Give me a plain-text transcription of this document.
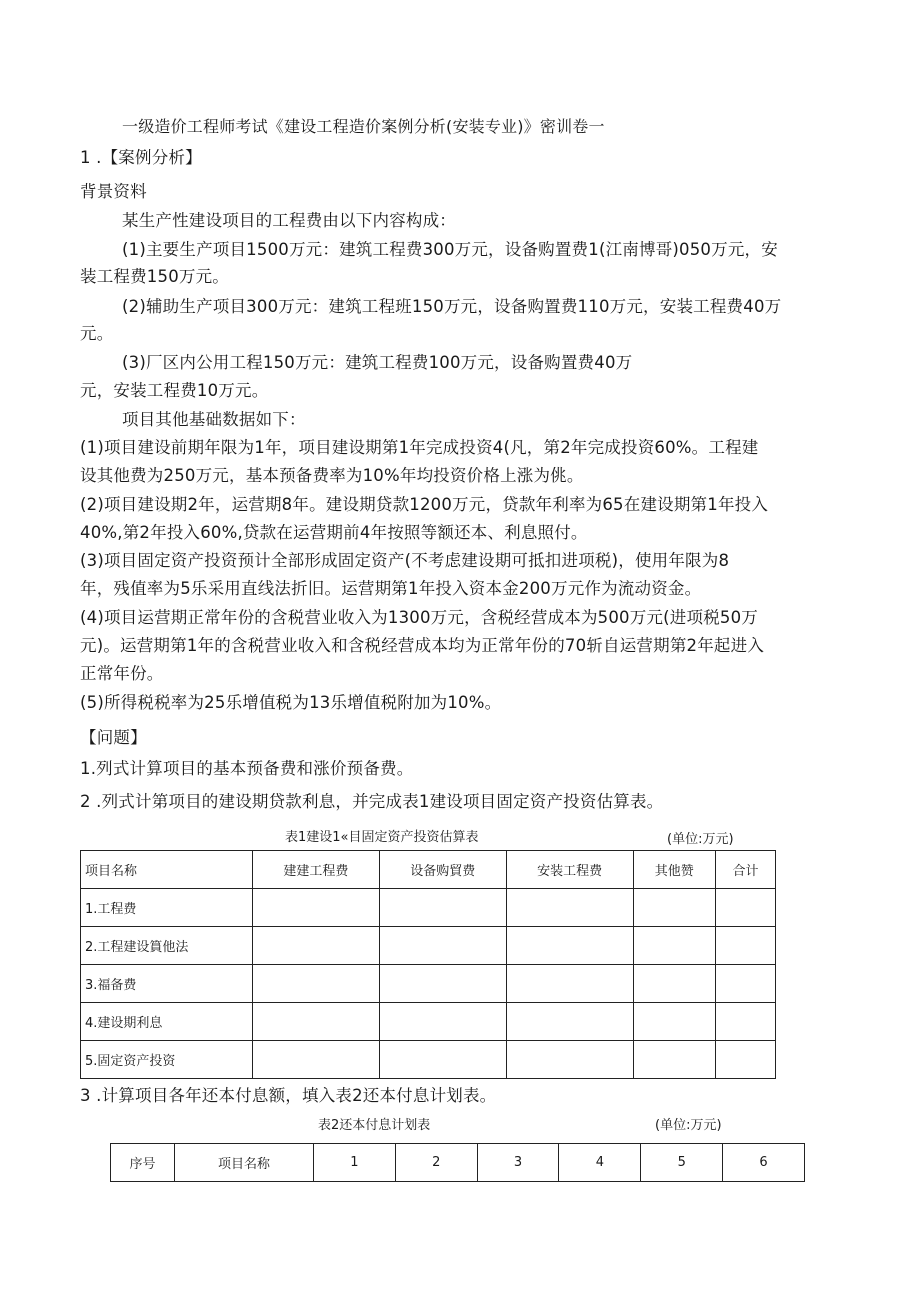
一级造价工程师考试《建设工程造价案例分析(安装专业)》密训卷一
1 .【案例分析】
背景资料
某生产性建设项目的工程费由以下内容构成：
(1)主要生产项目1500万元：建筑工程费300万元，设备购置费1(江南博哥)050万元，安
装工程费150万元。
(2)辅助生产项目300万元：建筑工程班150万元，设备购置费110万元，安装工程费40万
元。
(3)厂区内公用工程150万元：建筑工程费100万元，设备购置费40万
元，安装工程费10万元。
项目其他基础数据如下：
(1)项目建设前期年限为1年，项目建设期第1年完成投资4(凡，第2年完成投资60%。工程建
设其他费为250万元，基本预备费率为10%年均投资价格上涨为佻。
(2)项目建设期2年，运营期8年。建设期贷款1200万元，贷款年利率为65在建设期第1年投入
40%,第2年投入60%,贷款在运营期前4年按照等额还本、利息照付。
(3)项目固定资产投资预计全部形成固定资产(不考虑建设期可抵扣进项税)，使用年限为8
年，残值率为5乐采用直线法折旧。运营期第1年投入资本金200万元作为流动资金。
(4)项目运营期正常年份的含税营业收入为1300万元，含税经营成本为500万元(进项税50万
元)。运营期第1年的含税营业收入和含税经营成本均为正常年份的70斩自运营期第2年起进入
正常年份。
(5)所得税税率为25乐增值税为13乐增值税附加为10%。
【问题】
1.列式计算项目的基本预备费和涨价预备费。
2 .列式计第项目的建设期贷款利息，并完成表1建设项目固定资产投资估算表。
表1建设1«目固定资产投资估算表	(单位:万元)
项目名称	建建工程费	设备购貿费	安装工程费	其他赞	合计
1.工程费					
2.工程建设篔他法					
3.福备费					
4.建设期利息					
5.固定资产投资					
3 .计算项目各年还本付息额，填入表2还本付息计划表。
表2还本付息计划表	(单位:万元)
序号	项目名称	1	2	3	4	5	6
